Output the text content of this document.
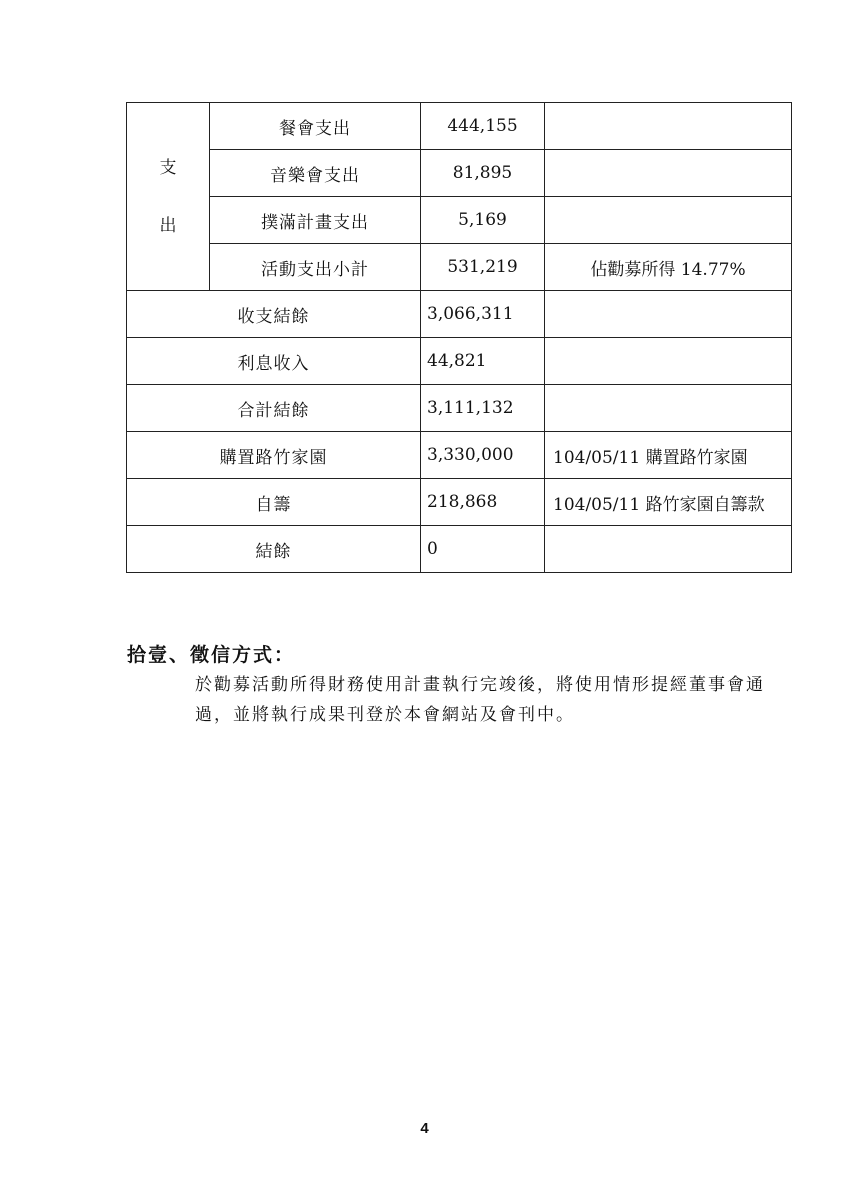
支
出	餐會支出	444,155	
	音樂會支出	81,895	
	撲滿計畫支出	5,169	
	活動支出小計	531,219	佔勸募所得 14.77%
收支結餘		3,066,311	
利息收入		44,821	
合計結餘		3,111,132	
購置路竹家園		3,330,000	104/05/11 購置路竹家園
自籌		218,868	104/05/11 路竹家園自籌款
結餘		0	
拾壹、徵信方式：

於勸募活動所得財務使用計畫執行完竣後，將使用情形提經董事會通過，並將執行成果刊登於本會網站及會刊中。

4
